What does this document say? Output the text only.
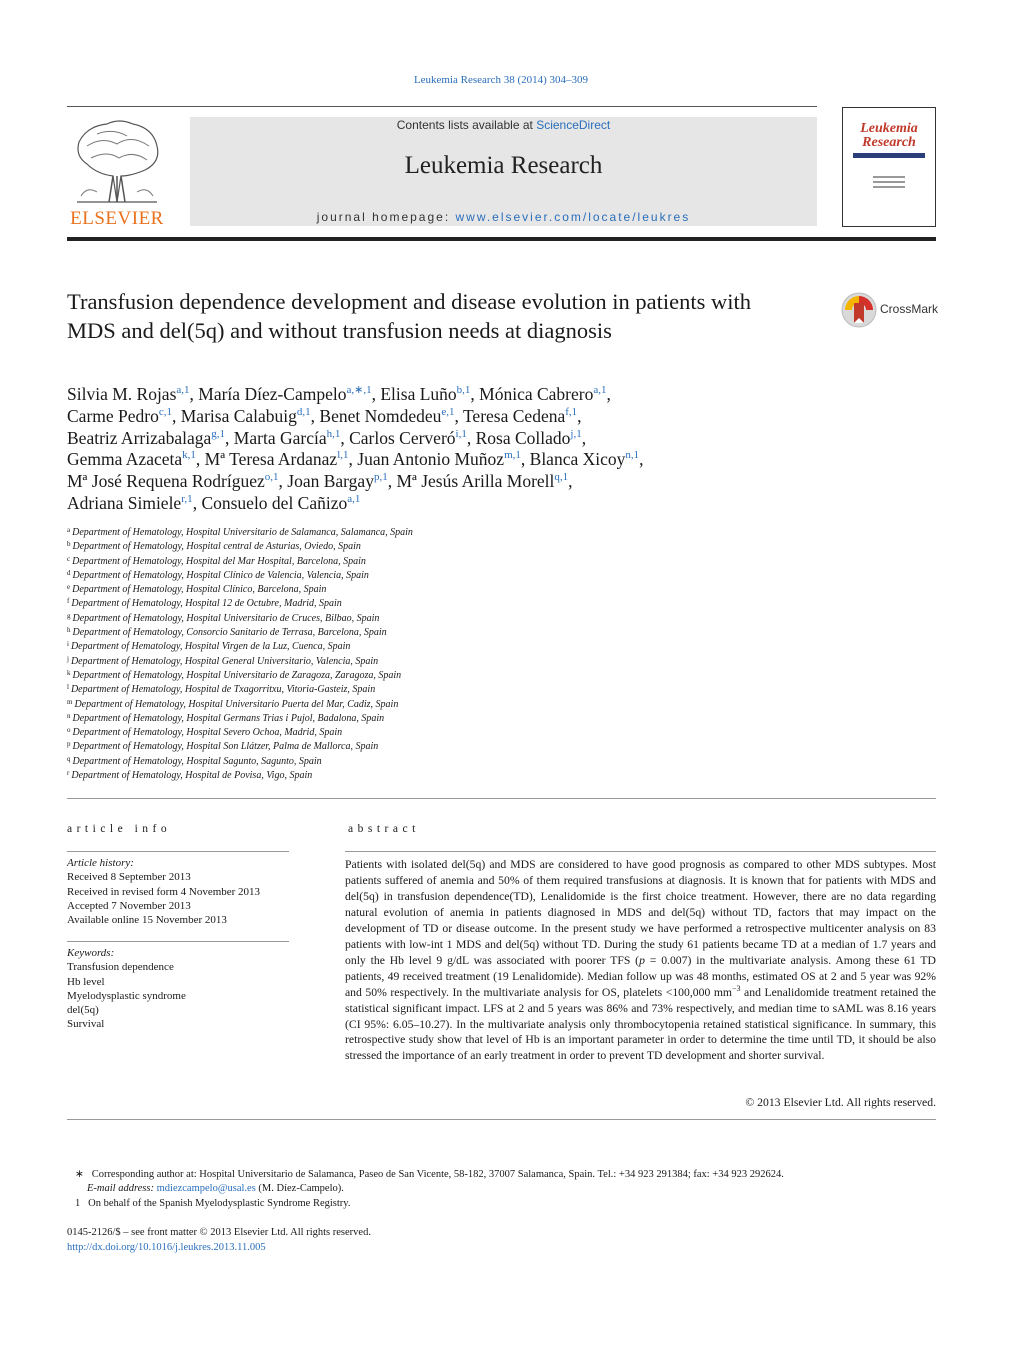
Leukemia Research 38 (2014) 304–309
ELSEVIER
Contents lists available at ScienceDirect
Leukemia Research
journal homepage: www.elsevier.com/locate/leukres
Leukemia
Research
Transfusion dependence development and disease evolution in patients with MDS and del(5q) and without transfusion needs at diagnosis
CrossMark
Silvia M. Rojas$^{a,1}$, María Díez-Campelo$^{a,∗,1}$, Elisa Luño$^{b,1}$, Mónica Cabrero$^{a,1}$,
Carme Pedro$^{c,1}$, Marisa Calabuig$^{d,1}$, Benet Nomdedeu$^{e,1}$, Teresa Cedena$^{f,1}$,
Beatriz Arrizabalaga$^{g,1}$, Marta García$^{h,1}$, Carlos Cerveró$^{i,1}$, Rosa Collado$^{j,1}$,
Gemma Azaceta$^{k,1}$, Mª Teresa Ardanaz$^{l,1}$, Juan Antonio Muñoz$^{m,1}$, Blanca Xicoy$^{n,1}$,
Mª José Requena Rodríguez$^{o,1}$, Joan Bargay$^{p,1}$, Mª Jesús Arilla Morell$^{q,1}$,
Adriana Simiele$^{r,1}$, Consuelo del Cañizo$^{a,1}$
$^a$ Department of Hematology, Hospital Universitario de Salamanca, Salamanca, Spain
$^b$ Department of Hematology, Hospital central de Asturias, Oviedo, Spain
$^c$ Department of Hematology, Hospital del Mar Hospital, Barcelona, Spain
$^d$ Department of Hematology, Hospital Clínico de Valencia, Valencia, Spain
$^e$ Department of Hematology, Hospital Clínico, Barcelona, Spain
$^f$ Department of Hematology, Hospital 12 de Octubre, Madrid, Spain
$^g$ Department of Hematology, Hospital Universitario de Cruces, Bilbao, Spain
$^h$ Department of Hematology, Consorcio Sanitario de Terrasa, Barcelona, Spain
$^i$ Department of Hematology, Hospital Virgen de la Luz, Cuenca, Spain
$^j$ Department of Hematology, Hospital General Universitario, Valencia, Spain
$^k$ Department of Hematology, Hospital Universitario de Zaragoza, Zaragoza, Spain
$^l$ Department of Hematology, Hospital de Txagorritxu, Vitoria-Gasteiz, Spain
$^m$ Department of Hematology, Hospital Universitario Puerta del Mar, Cadiz, Spain
$^n$ Department of Hematology, Hospital Germans Trias i Pujol, Badalona, Spain
$^o$ Department of Hematology, Hospital Severo Ochoa, Madrid, Spain
$^p$ Department of Hematology, Hospital Son Llátzer, Palma de Mallorca, Spain
$^q$ Department of Hematology, Hospital Sagunto, Sagunto, Spain
$^r$ Department of Hematology, Hospital de Povisa, Vigo, Spain
article info	abstract
Article history:
Received 8 September 2013
Received in revised form 4 November 2013
Accepted 7 November 2013
Available online 15 November 2013
Keywords:
Transfusion dependence
Hb level
Myelodysplastic syndrome
del(5q)
Survival
Patients with isolated del(5q) and MDS are considered to have good prognosis as compared to other MDS subtypes. Most patients suffered of anemia and 50% of them required transfusions at diagnosis. It is known that for patients with MDS and del(5q) in transfusion dependence(TD), Lenalidomide is the first choice treatment. However, there are no data regarding natural evolution of anemia in patients diagnosed in MDS and del(5q) without TD, factors that may impact on the development of TD or disease outcome. In the present study we have performed a retrospective multicenter analysis on 83 patients with low-int 1 MDS and del(5q) without TD. During the study 61 patients became TD at a median of 1.7 years and only the Hb level 9 g/dL was associated with poorer TFS (p = 0.007) in the multivariate analysis. Among these 61 TD patients, 49 received treatment (19 Lenalidomide). Median follow up was 48 months, estimated OS at 2 and 5 year was 92% and 50% respectively. In the multivariate analysis for OS, platelets <100,000 $mm^{-3}$ and Lenalidomide treatment retained the statistical significant impact. LFS at 2 and 5 years was 86% and 73% respectively, and median time to sAML was 8.16 years (CI 95%: 6.05–10.27). In the multivariate analysis only thrombocytopenia retained statistical significance. In summary, this retrospective study show that level of Hb is an important parameter in order to determine the time until TD, it should be also stressed the importance of an early treatment in order to prevent TD development and shorter survival.
© 2013 Elsevier Ltd. All rights reserved.
∗ Corresponding author at: Hospital Universitario de Salamanca, Paseo de San Vicente, 58-182, 37007 Salamanca, Spain. Tel.: +34 923 291384; fax: +34 923 292624.
E-mail address: mdiezcampelo@usal.es (M. Díez-Campelo).
1 On behalf of the Spanish Myelodysplastic Syndrome Registry.
0145-2126/$ – see front matter © 2013 Elsevier Ltd. All rights reserved.
http://dx.doi.org/10.1016/j.leukres.2013.11.005
